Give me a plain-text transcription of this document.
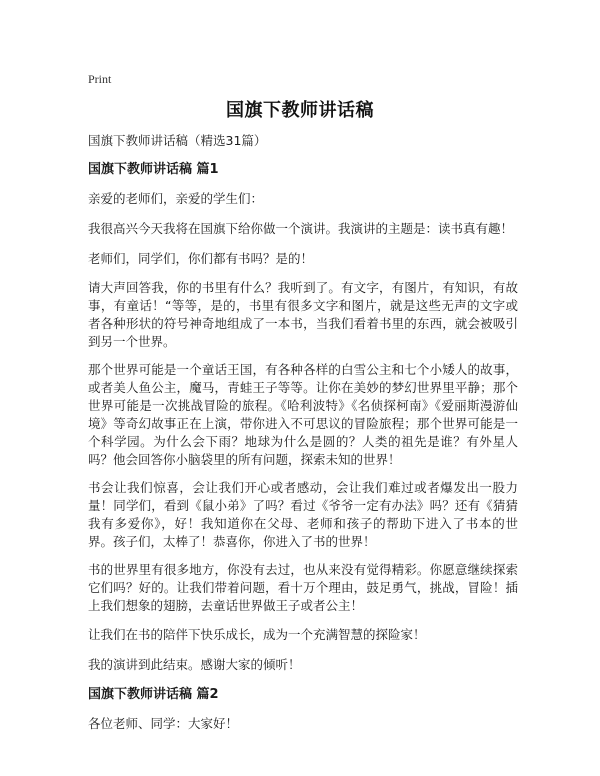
Print
国旗下教师讲话稿

国旗下教师讲话稿（精选31篇）

国旗下教师讲话稿 篇1

亲爱的老师们，亲爱的学生们：

我很高兴今天我将在国旗下给你做一个演讲。我演讲的主题是：读书真有趣！

老师们，同学们，你们都有书吗？是的！

请大声回答我，你的书里有什么？我听到了。有文字，有图片，有知识，有故事，有童话！“等等，是的，书里有很多文字和图片，就是这些无声的文字或者各种形状的符号神奇地组成了一本书，当我们看着书里的东西，就会被吸引到另一个世界。

那个世界可能是一个童话王国，有各种各样的白雪公主和七个小矮人的故事，或者美人鱼公主，魔马，青蛙王子等等。让你在美妙的梦幻世界里平静；那个世界可能是一次挑战冒险的旅程。《哈利波特》《名侦探柯南》《爱丽斯漫游仙境》等奇幻故事正在上演，带你进入不可思议的冒险旅程；那个世界可能是一个科学园。为什么会下雨？地球为什么是圆的？人类的祖先是谁？有外星人吗？他会回答你小脑袋里的所有问题，探索未知的世界！

书会让我们惊喜，会让我们开心或者感动，会让我们难过或者爆发出一股力量！同学们，看到《鼠小弟》了吗？看过《爷爷一定有办法》吗？还有《猜猜我有多爱你》，好！我知道你在父母、老师和孩子的帮助下进入了书本的世界。孩子们，太棒了！恭喜你，你进入了书的世界！

书的世界里有很多地方，你没有去过，也从来没有觉得精彩。你愿意继续探索它们吗？好的。让我们带着问题，看十万个理由，鼓足勇气，挑战，冒险！插上我们想象的翅膀，去童话世界做王子或者公主！

让我们在书的陪伴下快乐成长，成为一个充满智慧的探险家！

我的演讲到此结束。感谢大家的倾听！

国旗下教师讲话稿 篇2

各位老师、同学：大家好！
